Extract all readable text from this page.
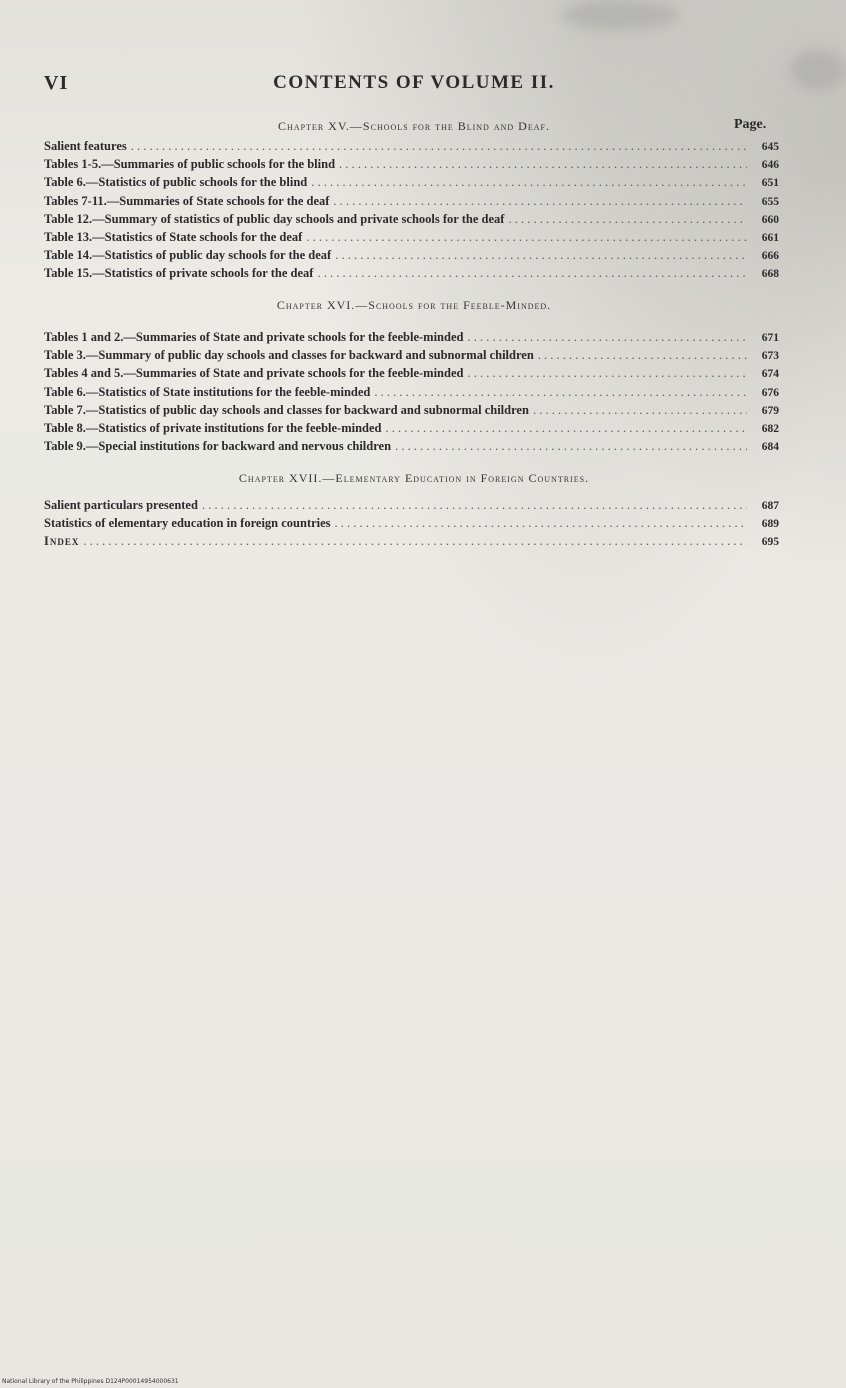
VI	CONTENTS OF VOLUME II.
Page.
Chapter XV.—Schools for the Blind and Deaf.
Salient features . . .	645
Tables 1-5.—Summaries of public schools for the blind . . .	646
Table 6.—Statistics of public schools for the blind . . .	651
Tables 7-11.—Summaries of State schools for the deaf . . .	655
Table 12.—Summary of statistics of public day schools and private schools for the deaf . . .	660
Table 13.—Statistics of State schools for the deaf . . .	661
Table 14.—Statistics of public day schools for the deaf . . .	666
Table 15.—Statistics of private schools for the deaf . . .	668
Chapter XVI.—Schools for the Feeble-Minded.
Tables 1 and 2.—Summaries of State and private schools for the feeble-minded . . .	671
Table 3.—Summary of public day schools and classes for backward and subnormal children . . .	673
Tables 4 and 5.—Summaries of State and private schools for the feeble-minded . . .	674
Table 6.—Statistics of State institutions for the feeble-minded . . .	676
Table 7.—Statistics of public day schools and classes for backward and subnormal children . . .	679
Table 8.—Statistics of private institutions for the feeble-minded . . .	682
Table 9.—Special institutions for backward and nervous children . . .	684
Chapter XVII.—Elementary Education in Foreign Countries.
Salient particulars presented . . .	687
Statistics of elementary education in foreign countries . . .	689
Index . . .	695
National Library of the Philippines D124P00014954000631
